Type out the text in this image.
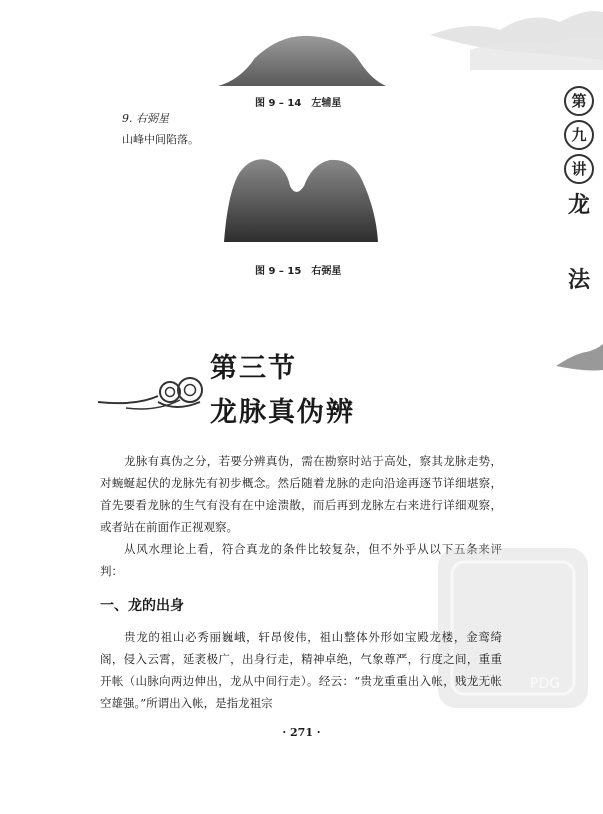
图 9 – 14　左辅星
9. 右弼星
山峰中间陷落。
图 9 – 15　右弼星
第
九
讲
龙
法
第三节
龙脉真伪辨
龙脉有真伪之分，若要分辨真伪，需在勘察时站于高处，察其龙脉走势，对蜿蜒起伏的龙脉先有初步概念。然后随着龙脉的走向沿途再逐节详细堪察，首先要看龙脉的生气有没有在中途溃散，而后再到龙脉左右来进行详细观察，或者站在前面作正视观察。
从风水理论上看，符合真龙的条件比较复杂，但不外乎从以下五条来评判：
PDG
一、龙的出身
贵龙的祖山必秀丽巍峨，轩昂俊伟，祖山整体外形如宝殿龙楼，金鸾绮阁，侵入云霄，延袤极广，出身行走，精神卓绝，气象尊严，行度之间，重重开帐（山脉向两边伸出，龙从中间行走）。经云：“贵龙重重出入帐，贱龙无帐空雄强。”所谓出入帐，是指龙祖宗
· 271 ·
